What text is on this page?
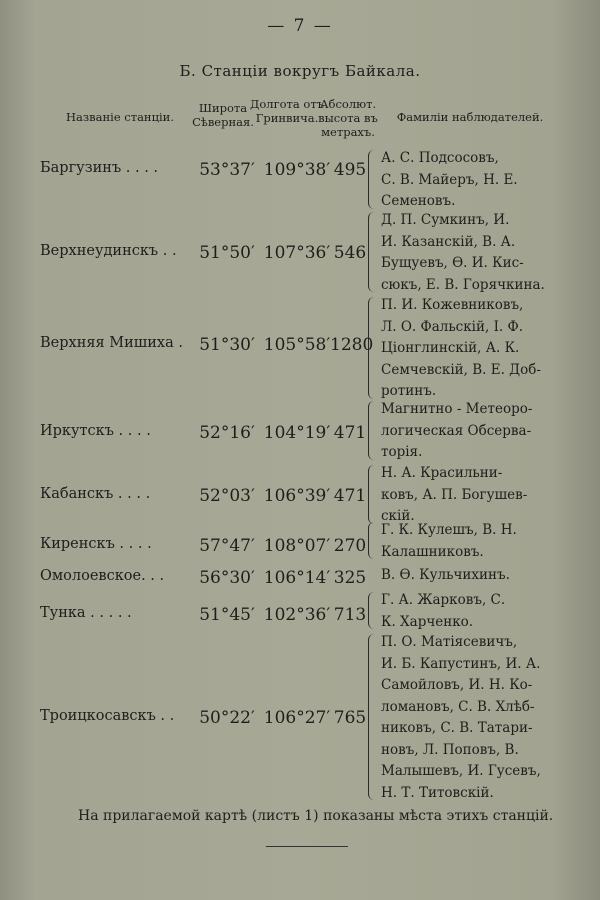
— 7 —
Б. Станціи вокругъ Байкала.
Названіе станціи.
Широта Сѣверная.
Долгота отъ Гринвича.
Абсолют. высота въ метрахъ.
Фамиліи наблюдателей.
Баргузинъ . . . .	53°37′ 109°38′ 495
А. С. Подсосовъ,
С. В. Майеръ, Н. Е.
Семеновъ.
Верхнеудинскъ . .	51°50′ 107°36′ 546
Д. П. Сумкинъ, И.
И. Казанскій, В. А.
Бущуевъ, Ѳ. И. Кис-
сюкъ, Е. В. Горячкина.
Верхняя Мишиха . 51°30′ 105°58′ 1280
П. И. Кожевниковъ,
Л. О. Фальскій, I. Ф.
Ціонглинскій, А. К.
Семчевскій, В. Е. Доб-
ротинъ.
Иркутскъ . . . .	52°16′ 104°19′ 471
Магнитно - Метеоро-
логическая Обсерва-
торія.
Кабанскъ . . . .	52°03′ 106°39′ 471
Н. А. Красильни-
ковъ, А. П. Богушев-
скій.
Киренскъ . . . .	57°47′ 108°07′ 270
Г. К. Кулешъ, В. Н.
Калашниковъ.
Омолоевское. . .	56°30′ 106°14′ 325 В. Ѳ. Кульчихинъ.
Тунка . . . . .	51°45′ 102°36′ 713
Г. А. Жарковъ, С.
К. Харченко.
Троицкосавскъ . .	50°22′ 106°27′ 765
П. О. Матіясевичъ,
И. Б. Капустинъ, И. А.
Самойловъ, И. Н. Ко-
ломановъ, С. В. Хлѣб-
никовъ, С. В. Татари-
новъ, Л. Поповъ, В.
Малышевъ, И. Гусевъ,
Н. Т. Титовскій.
На прилагаемой картѣ (листъ 1) показаны мѣста этихъ станцій.
